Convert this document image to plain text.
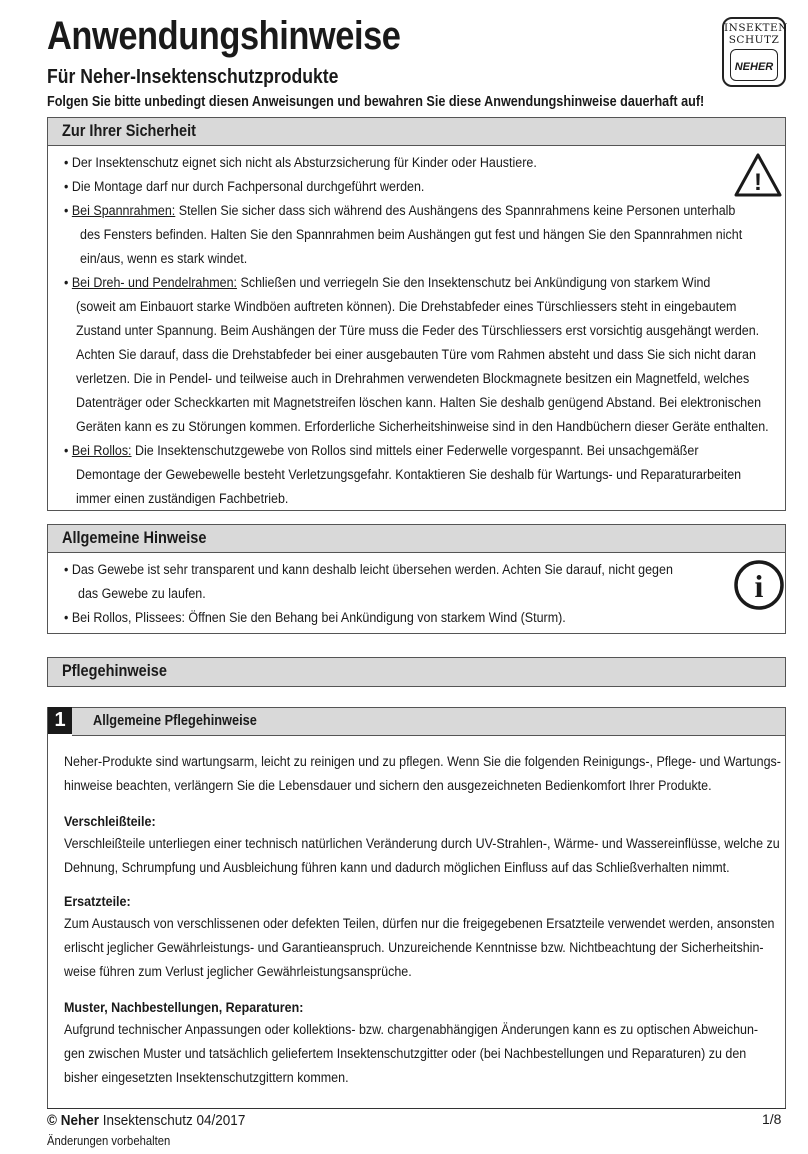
Anwendungshinweise
Für Neher-Insektenschutzprodukte
Folgen Sie bitte unbedingt diesen Anweisungen und bewahren Sie diese Anwendungshinweise dauerhaft auf!
INSEKTEN
SCHUTZ
NEHER
Zur Ihrer Sicherheit
• Der Insektenschutz eignet sich nicht als Absturzsicherung für Kinder oder Haustiere.
• Die Montage darf nur durch Fachpersonal durchgeführt werden.
• Bei Spannrahmen: Stellen Sie sicher dass sich während des Aushängens des Spannrahmens keine Personen unterhalb
des Fensters befinden. Halten Sie den Spannrahmen beim Aushängen gut fest und hängen Sie den Spannrahmen nicht
ein/aus, wenn es stark windet.
• Bei Dreh- und Pendelrahmen: Schließen und verriegeln Sie den Insektenschutz bei Ankündigung von starkem Wind
(soweit am Einbauort starke Windböen auftreten können). Die Drehstabfeder eines Türschliessers steht in eingebautem
Zustand unter Spannung. Beim Aushängen der Türe muss die Feder des Türschliessers erst vorsichtig ausgehängt werden.
Achten Sie darauf, dass die Drehstabfeder bei einer ausgebauten Türe vom Rahmen absteht und dass Sie sich nicht daran
verletzen. Die in Pendel- und teilweise auch in Drehrahmen verwendeten Blockmagnete besitzen ein Magnetfeld, welches
Datenträger oder Scheckkarten mit Magnetstreifen löschen kann. Halten Sie deshalb genügend Abstand. Bei elektronischen
Geräten kann es zu Störungen kommen. Erforderliche Sicherheitshinweise sind in den Handbüchern dieser Geräte enthalten.
• Bei Rollos: Die Insektenschutzgewebe von Rollos sind mittels einer Federwelle vorgespannt. Bei unsachgemäßer
Demontage der Gewebewelle besteht Verletzungsgefahr. Kontaktieren Sie deshalb für Wartungs- und Reparaturarbeiten
immer einen zuständigen Fachbetrieb.
!
Allgemeine Hinweise
• Das Gewebe ist sehr transparent und kann deshalb leicht übersehen werden. Achten Sie darauf, nicht gegen
das Gewebe zu laufen.
• Bei Rollos, Plissees: Öffnen Sie den Behang bei Ankündigung von starkem Wind (Sturm).
i
Pflegehinweise
Allgemeine Pflegehinweise
Neher-Produkte sind wartungsarm, leicht zu reinigen und zu pflegen. Wenn Sie die folgenden Reinigungs-, Pflege- und Wartungs-
hinweise beachten, verlängern Sie die Lebensdauer und sichern den ausgezeichneten Bedienkomfort Ihrer Produkte.
Verschleißteile:
Verschleißteile unterliegen einer technisch natürlichen Veränderung durch UV-Strahlen-, Wärme- und Wassereinflüsse, welche zu
Dehnung, Schrumpfung und Ausbleichung führen kann und dadurch möglichen Einfluss auf das Schließverhalten nimmt.
Ersatzteile:
Zum Austausch von verschlissenen oder defekten Teilen, dürfen nur die freigegebenen Ersatzteile verwendet werden, ansonsten
erlischt jeglicher Gewährleistungs- und Garantieanspruch. Unzureichende Kenntnisse bzw. Nichtbeachtung der Sicherheitshin-
weise führen zum Verlust jeglicher Gewährleistungsansprüche.
Muster, Nachbestellungen, Reparaturen:
Aufgrund technischer Anpassungen oder kollektions- bzw. chargenabhängigen Änderungen kann es zu optischen Abweichun-
gen zwischen Muster und tatsächlich geliefertem Insektenschutzgitter oder (bei Nachbestellungen und Reparaturen) zu den
bisher eingesetzten Insektenschutzgittern kommen.
1
© Neher Insektenschutz 04/2017	1/8
Änderungen vorbehalten
